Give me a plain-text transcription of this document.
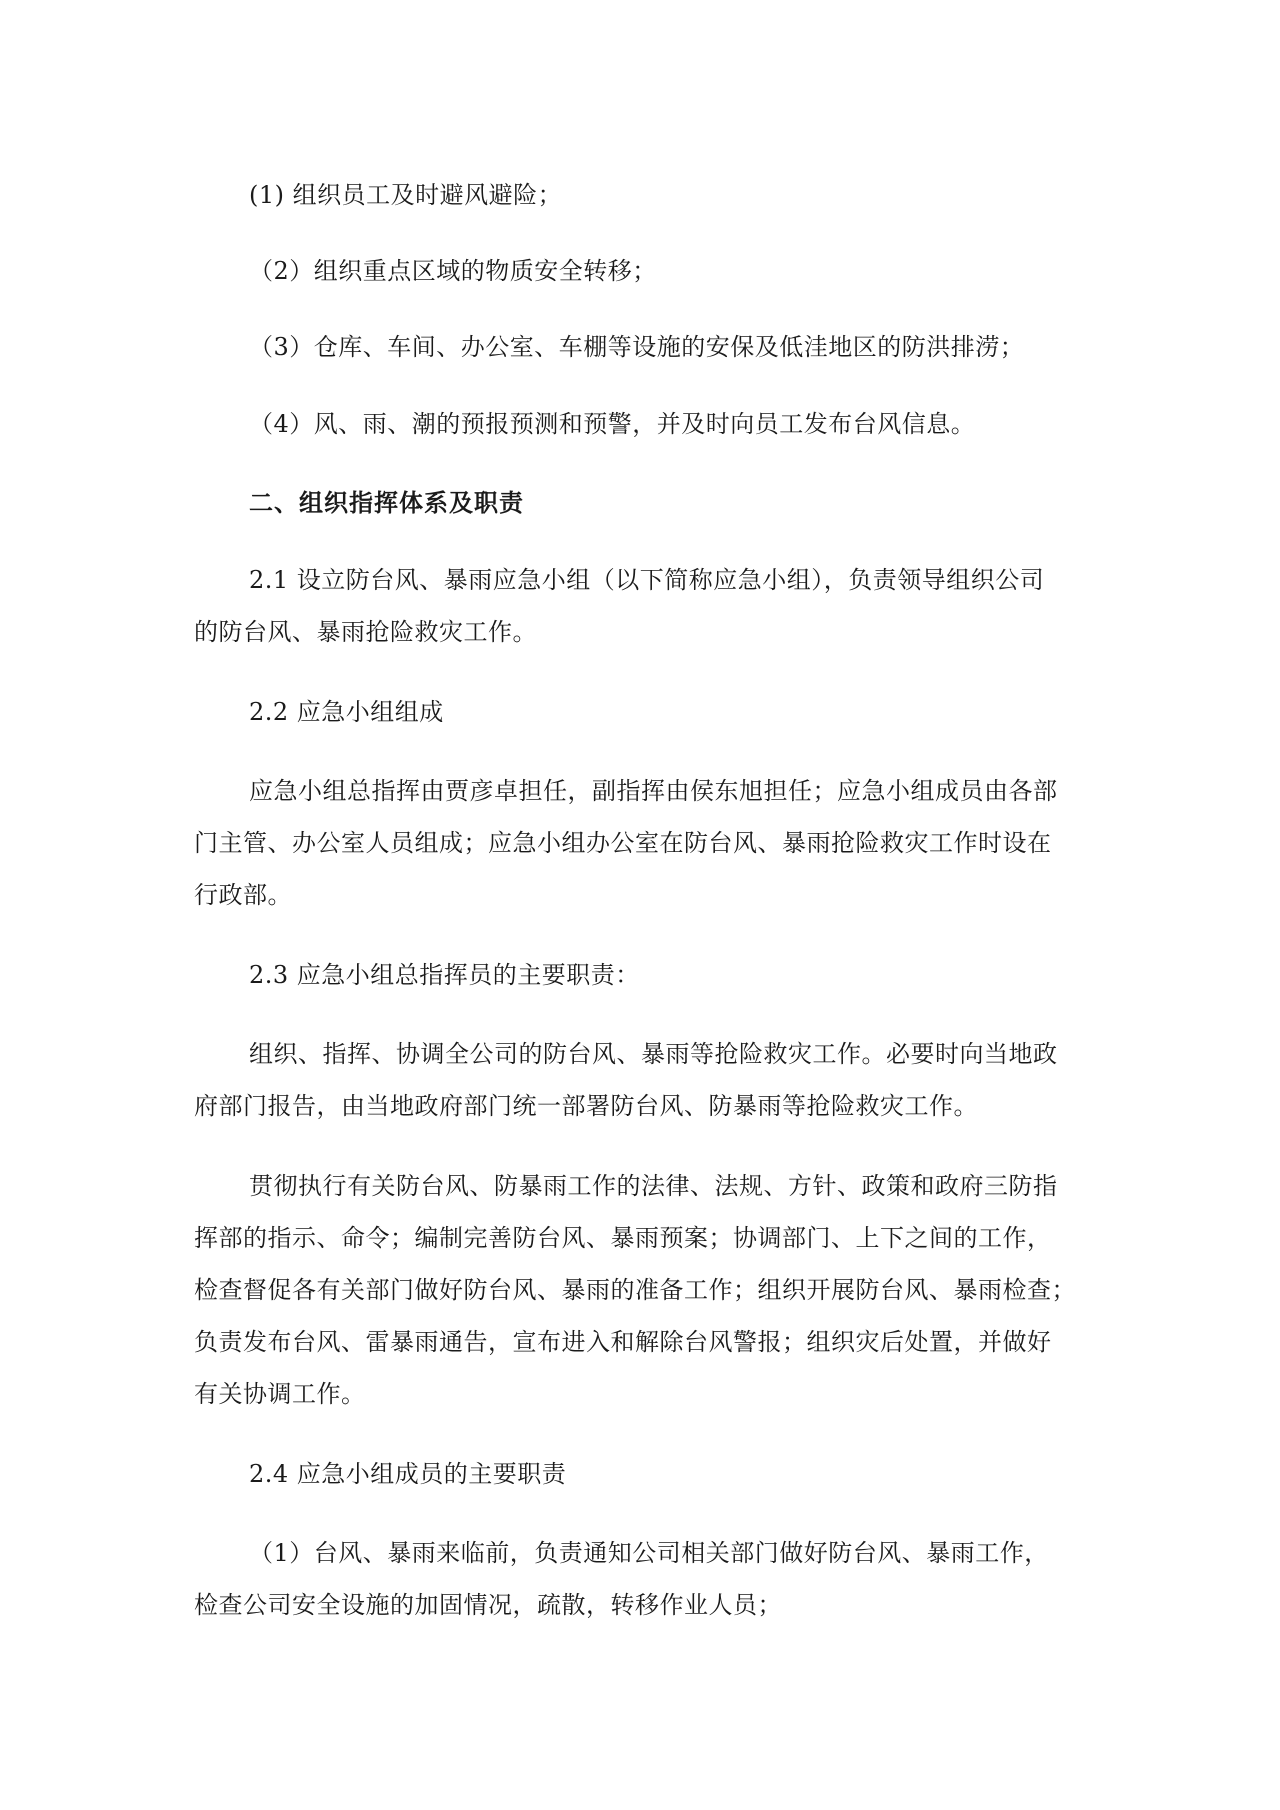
(1) 组织员工及时避风避险；
（2）组织重点区域的物质安全转移；
（3）仓库、车间、办公室、车棚等设施的安保及低洼地区的防洪排涝；
（4）风、雨、潮的预报预测和预警，并及时向员工发布台风信息。
二、组织指挥体系及职责
2.1 设立防台风、暴雨应急小组（以下简称应急小组），负责领导组织公司
的防台风、暴雨抢险救灾工作。
2.2 应急小组组成
应急小组总指挥由贾彦卓担任，副指挥由侯东旭担任；应急小组成员由各部
门主管、办公室人员组成；应急小组办公室在防台风、暴雨抢险救灾工作时设在
行政部。
2.3 应急小组总指挥员的主要职责：
组织、指挥、协调全公司的防台风、暴雨等抢险救灾工作。必要时向当地政
府部门报告，由当地政府部门统一部署防台风、防暴雨等抢险救灾工作。
贯彻执行有关防台风、防暴雨工作的法律、法规、方针、政策和政府三防指
挥部的指示、命令；编制完善防台风、暴雨预案；协调部门、上下之间的工作，
检查督促各有关部门做好防台风、暴雨的准备工作；组织开展防台风、暴雨检查；
负责发布台风、雷暴雨通告，宣布进入和解除台风警报；组织灾后处置，并做好
有关协调工作。
2.4 应急小组成员的主要职责
（1）台风、暴雨来临前，负责通知公司相关部门做好防台风、暴雨工作，
检查公司安全设施的加固情况，疏散，转移作业人员；
